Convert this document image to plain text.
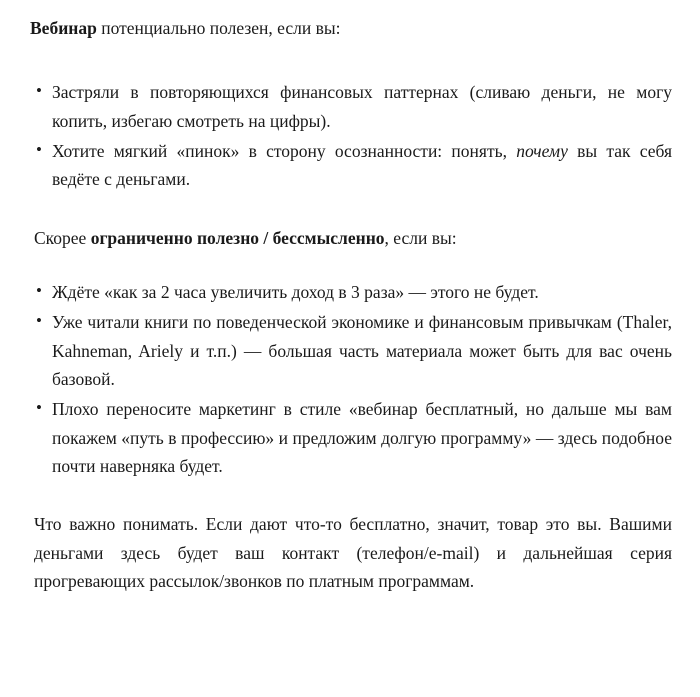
Вебинар потенциально полезен, если вы:

• Застряли в повторяющихся финансовых паттернах (сливаю деньги, не могу копить, избегаю смотреть на цифры).
• Хотите мягкий «пинок» в сторону осознанности: понять, почему вы так себя ведёте с деньгами.

Скорее ограниченно полезно / бессмысленно, если вы:

• Ждёте «как за 2 часа увеличить доход в 3 раза» — этого не будет.
• Уже читали книги по поведенческой экономике и финансовым привычкам (Thaler, Kahneman, Ariely и т.п.) — большая часть материала может быть для вас очень базовой.
• Плохо переносите маркетинг в стиле «вебинар бесплатный, но дальше мы вам покажем «путь в профессию» и предложим долгую программу» — здесь подобное почти наверняка будет.

Что важно понимать. Если дают что-то бесплатно, значит, товар это вы. Вашими деньгами здесь будет ваш контакт (телефон/e-mail) и дальнейшая серия прогревающих рассылок/звонков по платным программам.
